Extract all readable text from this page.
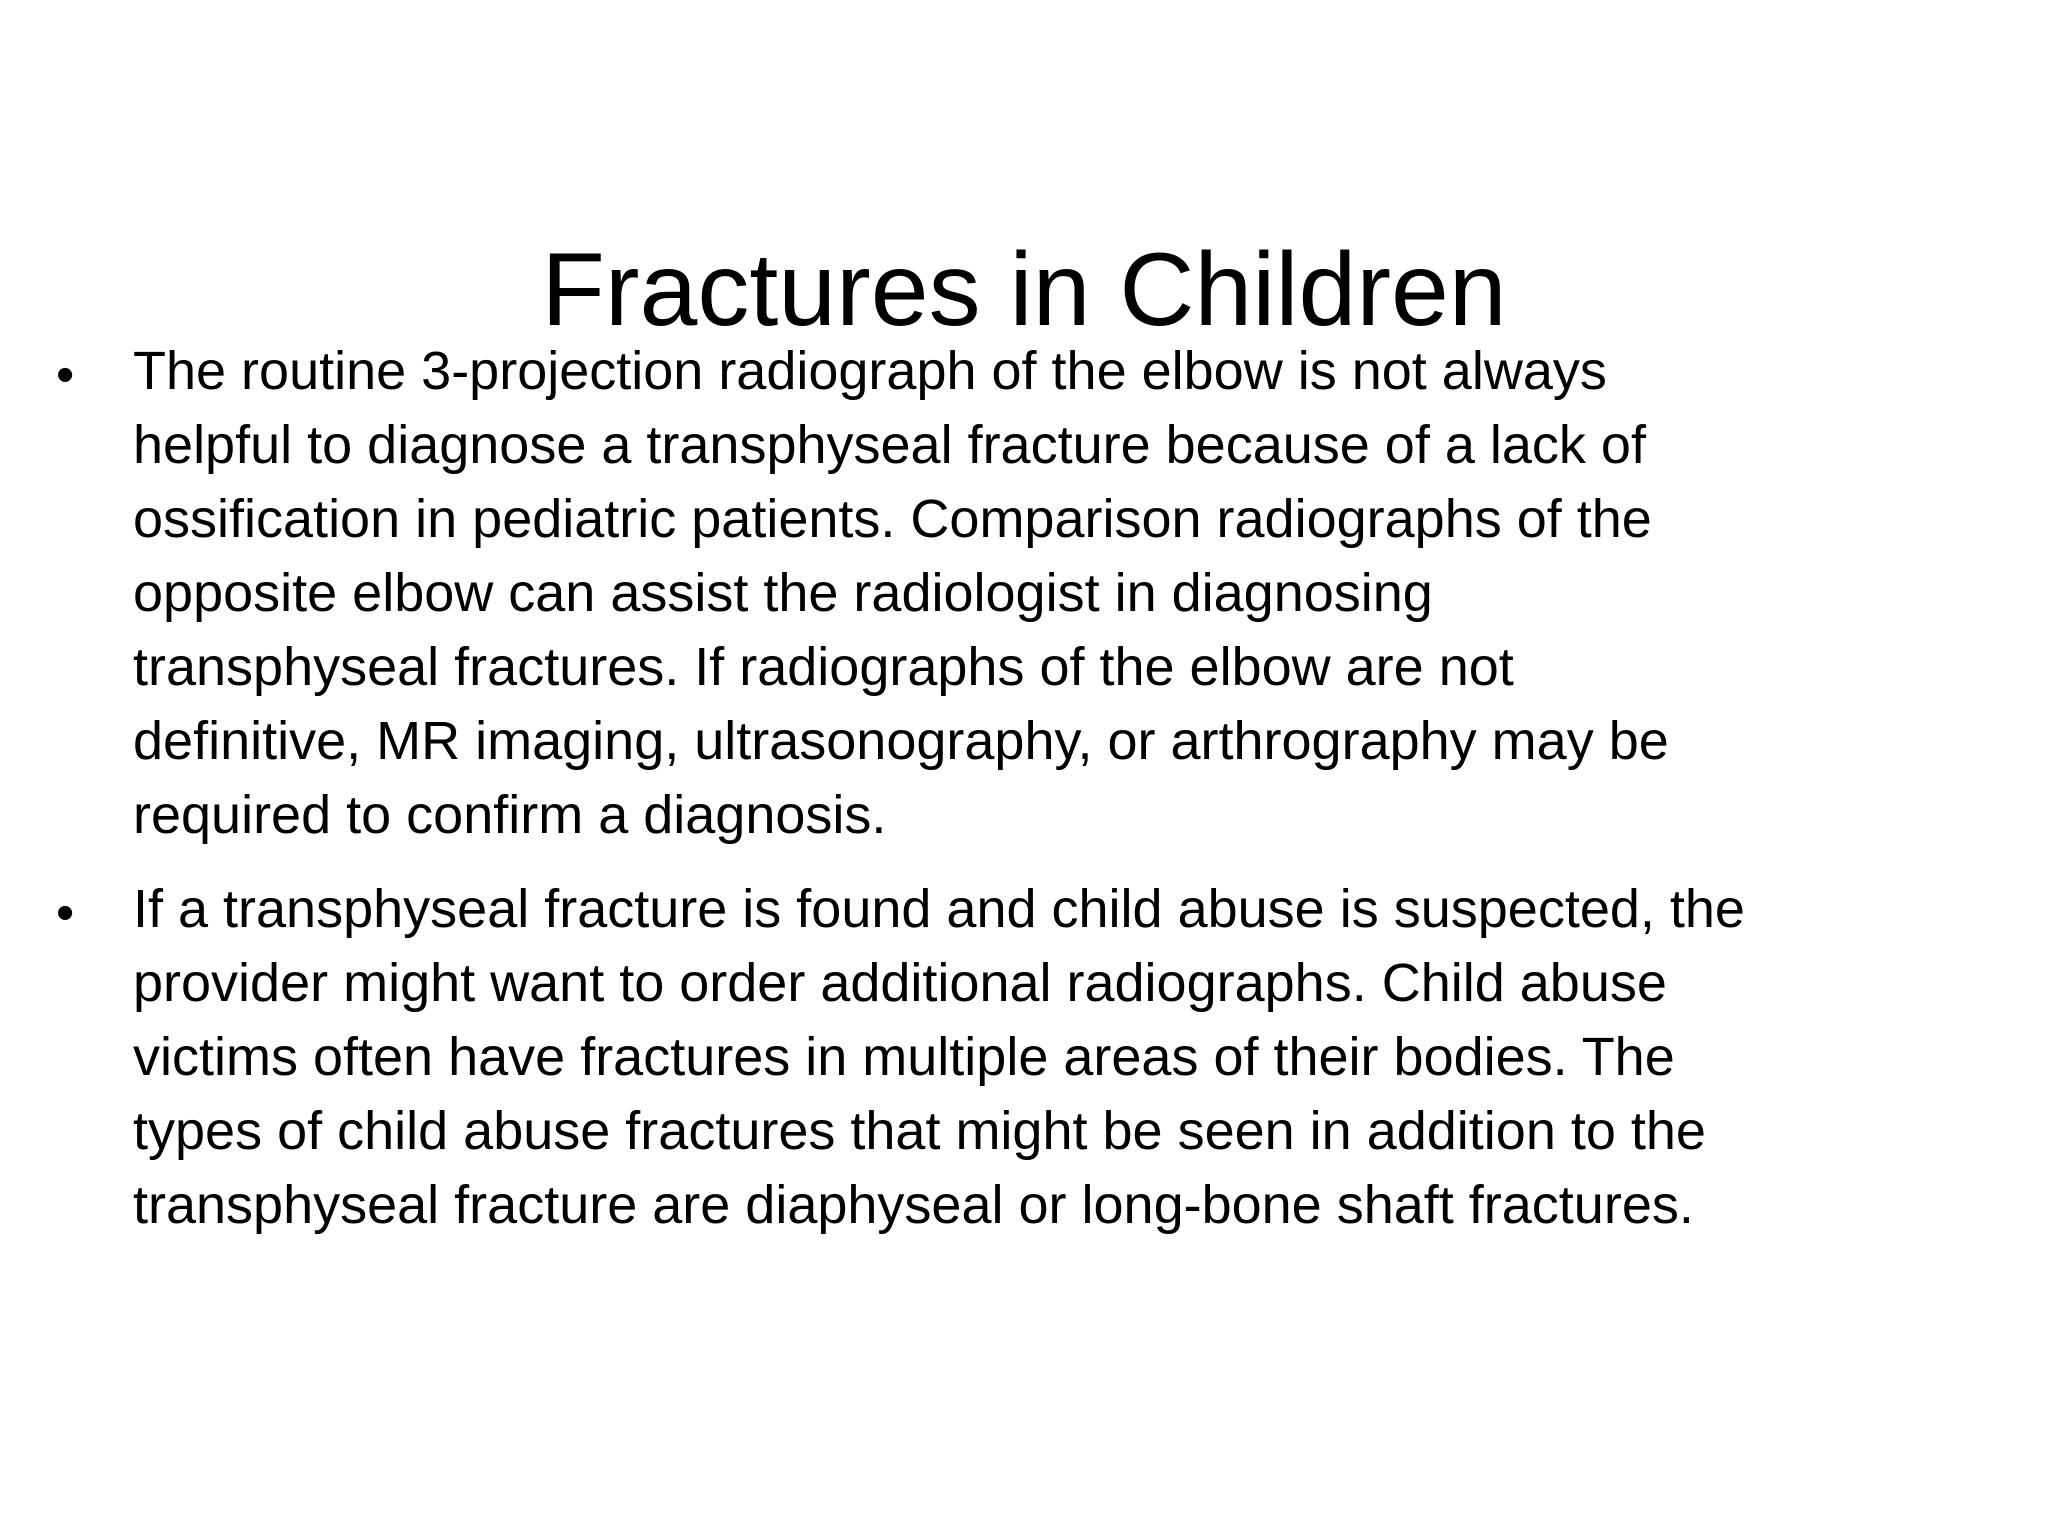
Fractures in Children
•	The routine 3-projection radiograph of the elbow is not always
helpful to diagnose a transphyseal fracture because of a lack of
ossification in pediatric patients. Comparison radiographs of the
opposite elbow can assist the radiologist in diagnosing
transphyseal fractures. If radiographs of the elbow are not
definitive, MR imaging, ultrasonography, or arthrography may be
required to confirm a diagnosis.
•	If a transphyseal fracture is found and child abuse is suspected, the
provider might want to order additional radiographs. Child abuse
victims often have fractures in multiple areas of their bodies. The
types of child abuse fractures that might be seen in addition to the
transphyseal fracture are diaphyseal or long-bone shaft fractures.
